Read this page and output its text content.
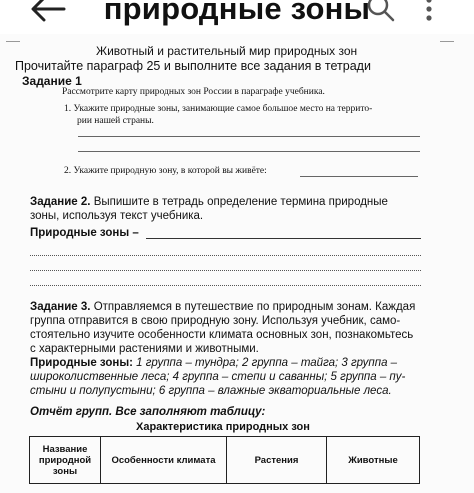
природные зоны
Животный и растительный мир природных зон
Прочитайте параграф 25 и выполните все задания в тетради
Задание 1
Рассмотрите карту природных зон России в параграфе учебника.
1. Укажите природные зоны, занимающие самое большое место на террито-
рии нашей страны.
2. Укажите природную зону, в которой вы живёте:
Задание 2. Выпишите в тетрадь определение термина природные
зоны, используя текст учебника.
Природные зоны –
Задание 3. Отправляемся в путешествие по природным зонам. Каждая
группа отправится в свою природную зону. Используя учебник, само-
стоятельно изучите особенности климата основных зон, познакомьтесь
с характерными растениями и животными.
Природные зоны: 1 группа – тундра; 2 группа – тайга; 3 группа –
широколиственные леса; 4 группа – степи и саванны; 5 группа – пу-
стыни и полупустыни; 6 группа – влажные экваториальные леса.
Отчёт групп. Все заполняют таблицу:
Характеристика природных зон
Название природной зоны	Особенности климата	Растения	Животные
